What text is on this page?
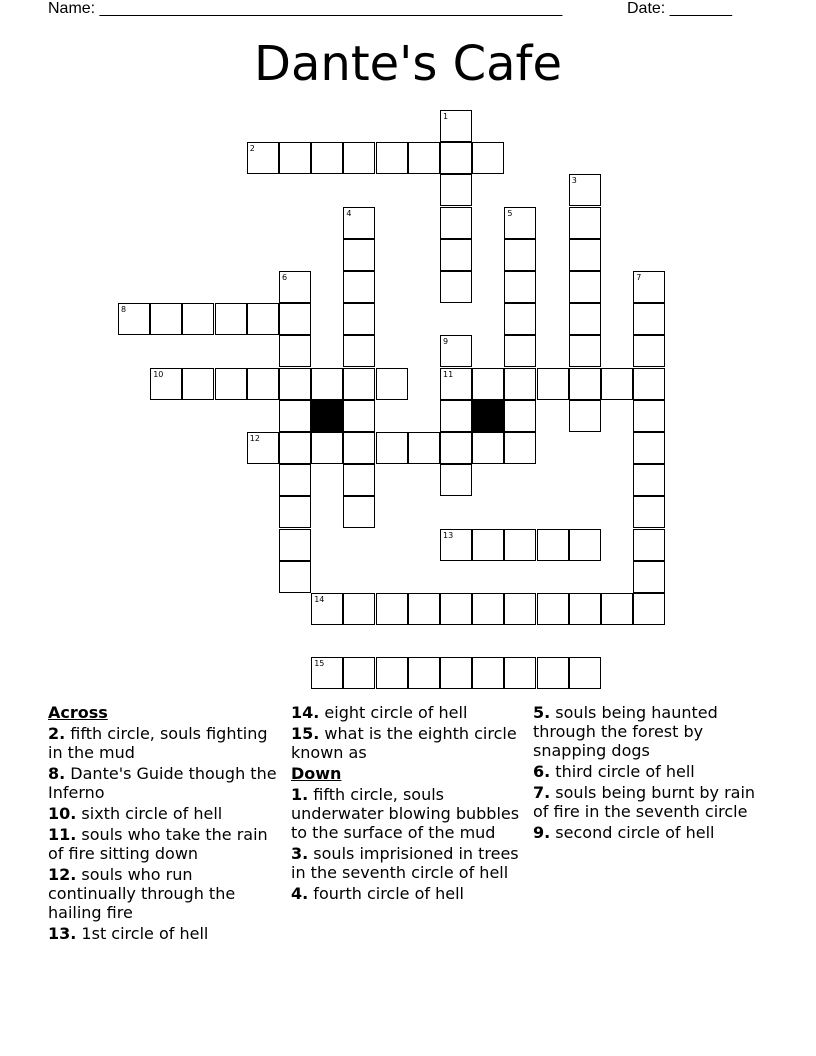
Name: ____________________________________________________	Date: _______
Dante's Cafe
1
2
3
4	5
6	7
8
9
11
10
12
13
14
15
Across
2. fifth circle, souls fighting in the mud
8. Dante's Guide though the Inferno
10. sixth circle of hell
11. souls who take the rain of fire sitting down
12. souls who run continually through the hailing fire
13. 1st circle of hell
14. eight circle of hell
15. what is the eighth circle known as
Down
1. fifth circle, souls underwater blowing bubbles to the surface of the mud
3. souls imprisioned in trees in the seventh circle of hell
4. fourth circle of hell
5. souls being haunted through the forest by snapping dogs
6. third circle of hell
7. souls being burnt by rain of fire in the seventh circle
9. second circle of hell
